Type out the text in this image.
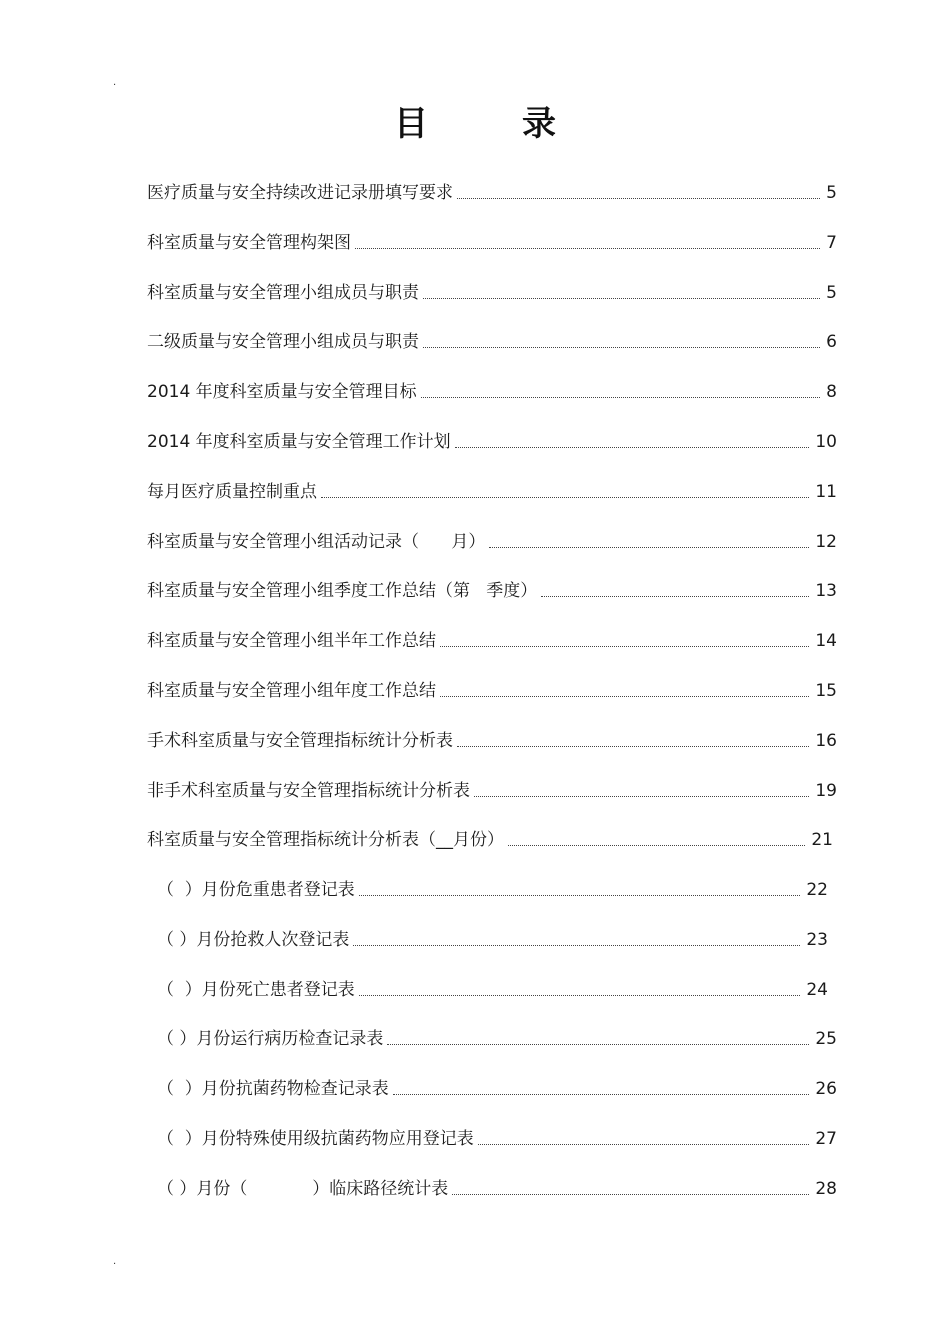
.
目	录
医疗质量与安全持续改进记录册填写要求	5
科室质量与安全管理构架图	7
科室质量与安全管理小组成员与职责	5
二级质量与安全管理小组成员与职责	6
2014 年度科室质量与安全管理目标	8
2014 年度科室质量与安全管理工作计划	10
每月医疗质量控制重点	11
科室质量与安全管理小组活动记录（      月）	12
科室质量与安全管理小组季度工作总结（第   季度）	13
科室质量与安全管理小组半年工作总结	14
科室质量与安全管理小组年度工作总结	15
手术科室质量与安全管理指标统计分析表	16
非手术科室质量与安全管理指标统计分析表	19
科室质量与安全管理指标统计分析表（__月份）	21
（  ）月份危重患者登记表	22
（ ）月份抢救人次登记表	23
（  ）月份死亡患者登记表	24
（ ）月份运行病历检查记录表	25
（  ）月份抗菌药物检查记录表	26
（  ）月份特殊使用级抗菌药物应用登记表	27
（ ）月份（            ）临床路径统计表	28
.
